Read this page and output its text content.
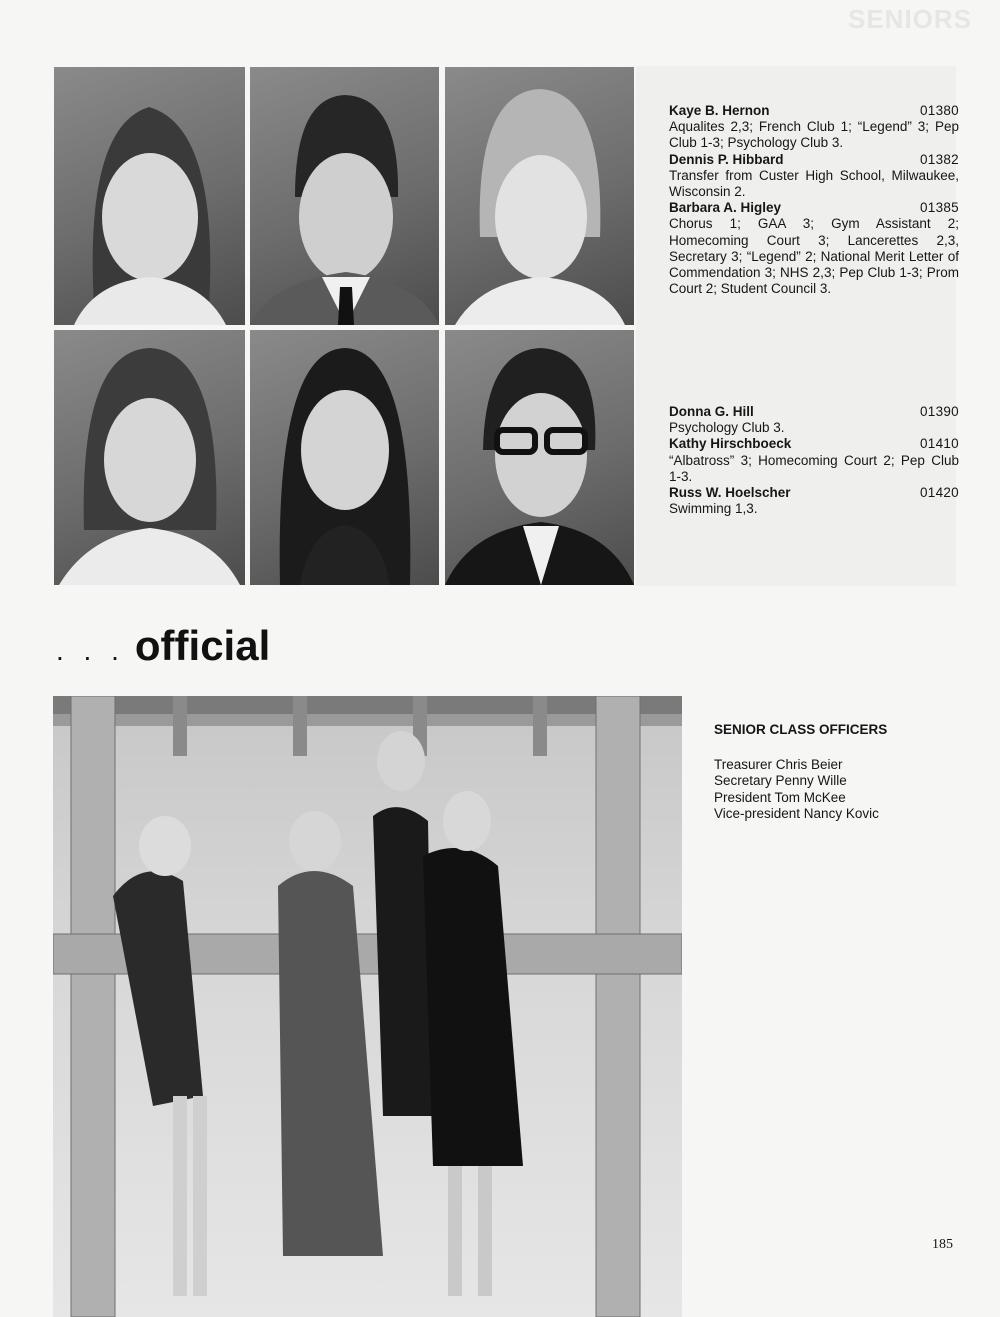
SENIORS
Kaye B. Hernon	01380
Aqualites 2,3; French Club 1; “Legend” 3; Pep Club 1-3; Psychology Club 3.
Dennis P. Hibbard	01382
Transfer from Custer High School, Milwaukee, Wisconsin 2.
Barbara A. Higley	01385
Chorus 1; GAA 3; Gym Assistant 2; Homecoming Court 3; Lancerettes 2,3, Secretary 3; “Legend” 2; National Merit Letter of Commendation 3; NHS 2,3; Pep Club 1-3; Prom Court 2; Student Council 3.
Donna G. Hill	01390
Psychology Club 3.
Kathy Hirschboeck	01410
“Albatross” 3; Homecoming Court 2; Pep Club 1-3.
Russ W. Hoelscher	01420
Swimming 1,3.
. . . official
SENIOR CLASS OFFICERS
Treasurer Chris Beier
Secretary Penny Wille
President Tom McKee
Vice-president Nancy Kovic
185
